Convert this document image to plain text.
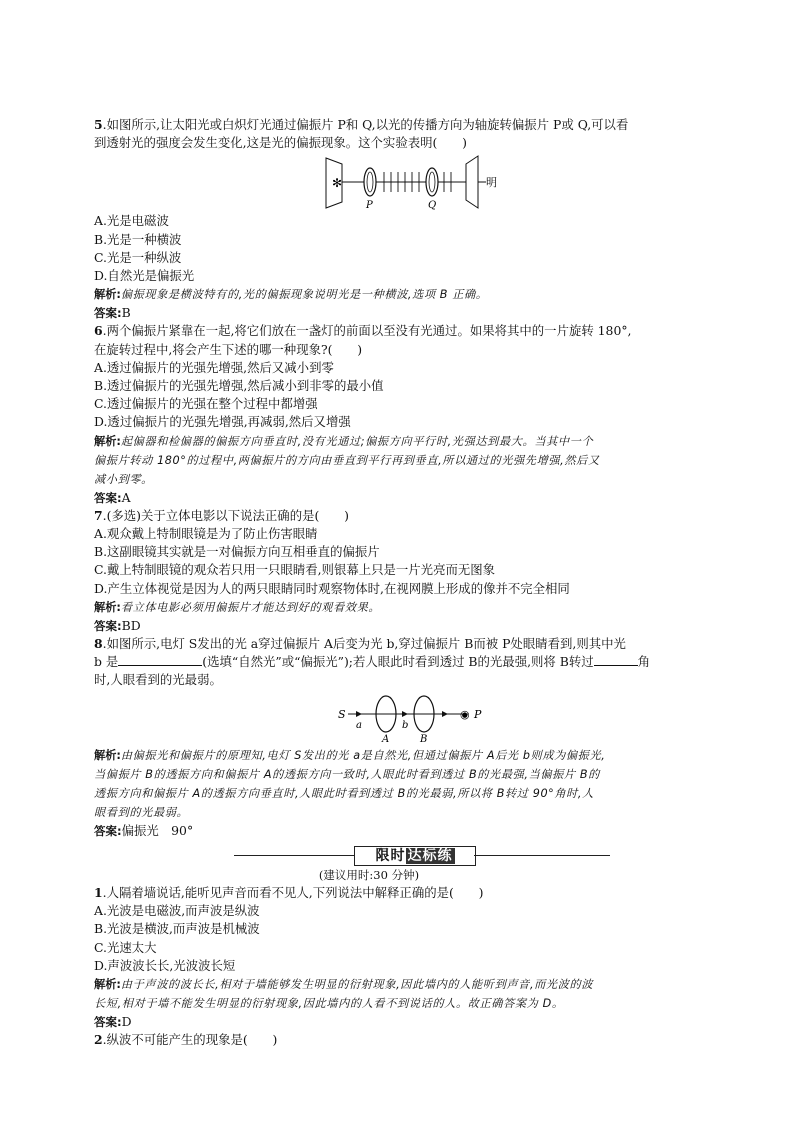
5.如图所示,让太阳光或白炽灯光通过偏振片 P和 Q,以光的传播方向为轴旋转偏振片 P或 Q,可以看
到透射光的强度会发生变化,这是光的偏振现象。这个实验表明(　　)
✻
P	Q
明
A.光是电磁波
B.光是一种横波
C.光是一种纵波
D.自然光是偏振光
解析:偏振现象是横波特有的,光的偏振现象说明光是一种横波,选项 B 正确。
答案:B
6.两个偏振片紧靠在一起,将它们放在一盏灯的前面以至没有光通过。如果将其中的一片旋转 180°,
在旋转过程中,将会产生下述的哪一种现象?(　　)
A.透过偏振片的光强先增强,然后又减小到零
B.透过偏振片的光强先增强,然后减小到非零的最小值
C.透过偏振片的光强在整个过程中都增强
D.透过偏振片的光强先增强,再减弱,然后又增强
解析:起偏器和检偏器的偏振方向垂直时,没有光通过;偏振方向平行时,光强达到最大。当其中一个
偏振片转动 180°的过程中,两偏振片的方向由垂直到平行再到垂直,所以通过的光强先增强,然后又
减小到零。
答案:A
7.(多选)关于立体电影以下说法正确的是(　　)
A.观众戴上特制眼镜是为了防止伤害眼睛
B.这副眼镜其实就是一对偏振方向互相垂直的偏振片
C.戴上特制眼镜的观众若只用一只眼睛看,则银幕上只是一片光亮而无图象
D.产生立体视觉是因为人的两只眼睛同时观察物体时,在视网膜上形成的像并不完全相同
解析:看立体电影必须用偏振片才能达到好的观看效果。
答案:BD
8.如图所示,电灯 S发出的光 a穿过偏振片 A后变为光 b,穿过偏振片 B而被 P处眼睛看到,则其中光
b 是	(选填“自然光”或“偏振光”);若人眼此时看到透过 B的光最强,则将 B转过	角
时,人眼看到的光最弱。
S
a
A
b
B
◉ P
解析:由偏振光和偏振片的原理知,电灯 S发出的光 a是自然光,但通过偏振片 A后光 b则成为偏振光,
当偏振片 B的透振方向和偏振片 A的透振方向一致时,人眼此时看到透过 B的光最强,当偏振片 B的
透振方向和偏振片 A的透振方向垂直时,人眼此时看到透过 B的光最弱,所以将 B转过 90°角时,人
眼看到的光最弱。
答案:偏振光　90°
限时 达标练
(建议用时:30 分钟)
1.人隔着墙说话,能听见声音而看不见人,下列说法中解释正确的是(　　)
A.光波是电磁波,而声波是纵波
B.光波是横波,而声波是机械波
C.光速太大
D.声波波长长,光波波长短
解析:由于声波的波长长,相对于墙能够发生明显的衍射现象,因此墙内的人能听到声音,而光波的波
长短,相对于墙不能发生明显的衍射现象,因此墙内的人看不到说话的人。故正确答案为 D。
答案:D
2.纵波不可能产生的现象是(　　)
